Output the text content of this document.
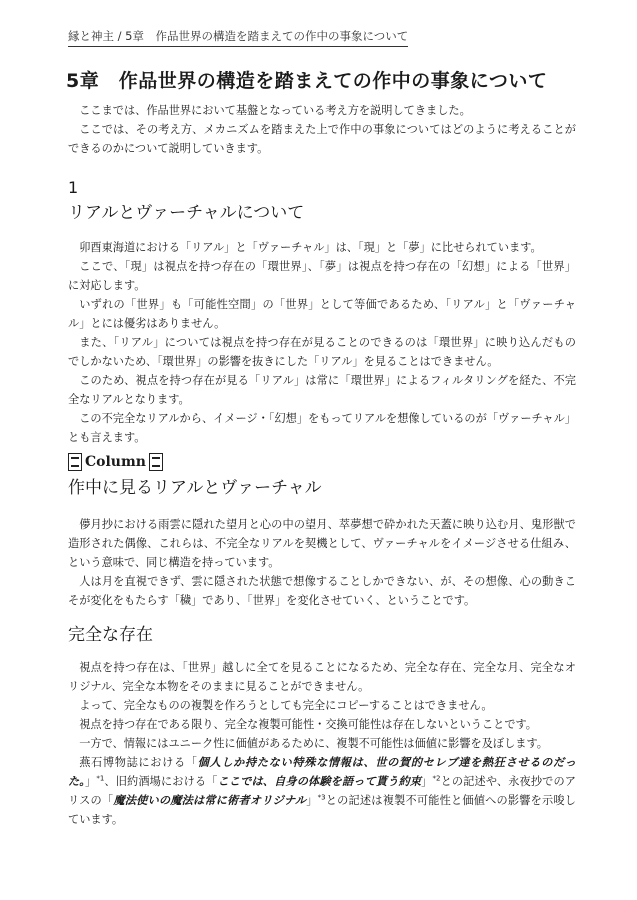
縁と神主 / 5章　作品世界の構造を踏まえての作中の事象について
5章　作品世界の構造を踏まえての作中の事象について

ここまでは、作品世界において基盤となっている考え方を説明してきました。

ここでは、その考え方、メカニズムを踏まえた上で作中の事象についてはどのように考えることができるのかについて説明していきます。

1
リアルとヴァーチャルについて

卯酉東海道における「リアル」と「ヴァーチャル」は、「現」と「夢」に比せられています。

ここで、「現」は視点を持つ存在の「環世界」、「夢」は視点を持つ存在の「幻想」による「世界」に対応します。

いずれの「世界」も「可能性空間」の「世界」として等価であるため、「リアル」と「ヴァーチャル」とには優劣はありません。

また、「リアル」については視点を持つ存在が見ることのできるのは「環世界」に映り込んだものでしかないため、「環世界」の影響を抜きにした「リアル」を見ることはできません。

このため、視点を持つ存在が見る「リアル」は常に「環世界」によるフィルタリングを経た、不完全なリアルとなります。

この不完全なリアルから、イメージ・「幻想」をもってリアルを想像しているのが「ヴァーチャル」とも言えます。

Column
作中に見るリアルとヴァーチャル

儚月抄における雨雲に隠れた望月と心の中の望月、萃夢想で砕かれた天蓋に映り込む月、鬼形獣で造形された偶像、これらは、不完全なリアルを契機として、ヴァーチャルをイメージさせる仕組み、という意味で、同じ構造を持っています。

人は月を直視できず、雲に隠された状態で想像することしかできない、が、その想像、心の動きこそが変化をもたらす「穢」であり、「世界」を変化させていく、ということです。

完全な存在

視点を持つ存在は、「世界」越しに全てを見ることになるため、完全な存在、完全な月、完全なオリジナル、完全な本物をそのままに見ることができません。

よって、完全なものの複製を作ろうとしても完全にコピーすることはできません。

視点を持つ存在である限り、完全な複製可能性・交換可能性は存在しないということです。

一方で、情報にはユニーク性に価値があるために、複製不可能性は価値に影響を及ぼします。

燕石博物誌における「個人しか持たない特殊な情報は、世の賀的セレブ達を熱狂させるのだった。」$^{*1}$、旧約酒場における「ここでは、自身の体験を語って貰う約束」$^{*2}$との記述や、永夜抄でのアリスの「魔法使いの魔法は常に術者オリジナル」$^{*3}$との記述は複製不可能性と価値への影響を示唆しています。
